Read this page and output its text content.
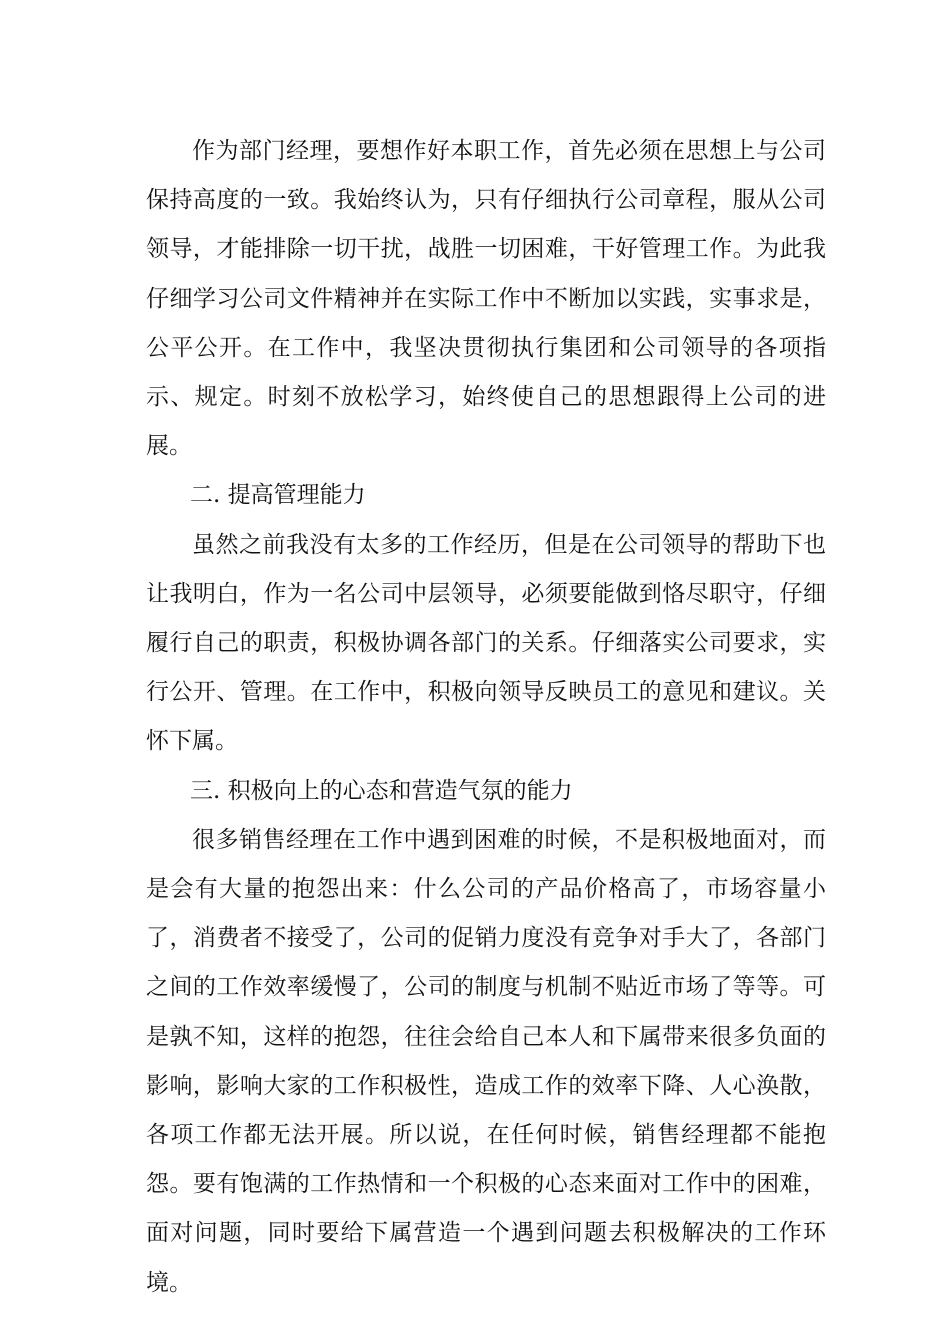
作为部门经理，要想作好本职工作，首先必须在思想上与公司保持高度的一致。我始终认为，只有仔细执行公司章程，服从公司领导，才能排除一切干扰，战胜一切困难，干好管理工作。为此我仔细学习公司文件精神并在实际工作中不断加以实践，实事求是，公平公开。在工作中，我坚决贯彻执行集团和公司领导的各项指示、规定。时刻不放松学习，始终使自己的思想跟得上公司的进展。

二. 提高管理能力

虽然之前我没有太多的工作经历，但是在公司领导的帮助下也让我明白，作为一名公司中层领导，必须要能做到恪尽职守，仔细履行自己的职责，积极协调各部门的关系。仔细落实公司要求，实行公开、管理。在工作中，积极向领导反映员工的意见和建议。关怀下属。

三. 积极向上的心态和营造气氛的能力

很多销售经理在工作中遇到困难的时候，不是积极地面对，而是会有大量的抱怨出来：什么公司的产品价格高了，市场容量小了，消费者不接受了，公司的促销力度没有竞争对手大了，各部门之间的工作效率缓慢了，公司的制度与机制不贴近市场了等等。可是孰不知，这样的抱怨，往往会给自己本人和下属带来很多负面的影响，影响大家的工作积极性，造成工作的效率下降、人心涣散，各项工作都无法开展。所以说，在任何时候，销售经理都不能抱怨。要有饱满的工作热情和一个积极的心态来面对工作中的困难，面对问题，同时要给下属营造一个遇到问题去积极解决的工作环境。
